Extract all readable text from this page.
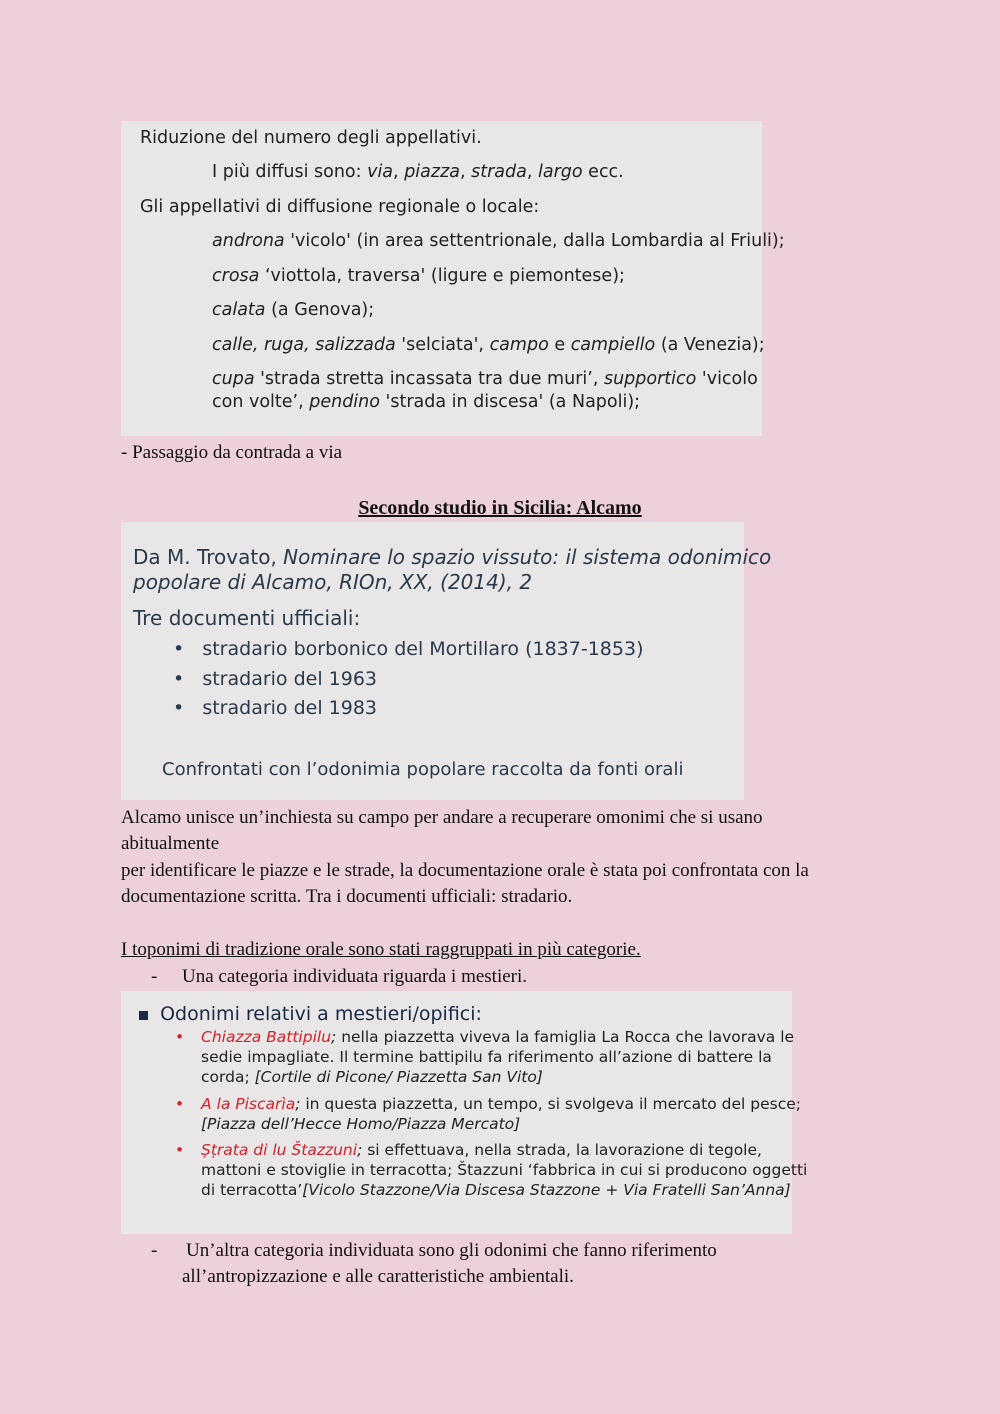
Riduzione del numero degli appellativi.
I più diffusi sono: via, piazza, strada, largo ecc.
Gli appellativi di diffusione regionale o locale:
androna 'vicolo' (in area settentrionale, dalla Lombardia al Friuli);
crosa ‘viottola, traversa' (ligure e piemontese);
calata (a Genova);
calle, ruga, salizzada 'selciata', campo e campiello (a Venezia);
cupa 'strada stretta incassata tra due muri’, supportico 'vicolo
con volte’, pendino 'strada in discesa' (a Napoli);
- Passaggio da contrada a via
Secondo studio in Sicilia: Alcamo
Da M. Trovato, Nominare lo spazio vissuto: il sistema odonimico
popolare di Alcamo, RIOn, XX, (2014), 2
Tre documenti ufficiali:
•   stradario borbonico del Mortillaro (1837-1853)
•   stradario del 1963
•   stradario del 1983
Confrontati con l’odonimia popolare raccolta da fonti orali
Alcamo unisce un’inchiesta su campo per andare a recuperare omonimi che si usano
abitualmente
per identificare le piazze e le strade, la documentazione orale è stata poi confrontata con la
documentazione scritta. Tra i documenti ufficiali: stradario.
I toponimi di tradizione orale sono stati raggruppati in più categorie.
- Una categoria individuata riguarda i mestieri.
Odonimi relativi a mestieri/opifici:
• Chiazza Battipilu; nella piazzetta viveva la famiglia La Rocca che lavorava le
sedie impagliate. Il termine battipilu fa riferimento all’azione di battere la
corda; [Cortile di Picone/ Piazzetta San Vito]
• A la Piscarìa; in questa piazzetta, un tempo, si svolgeva il mercato del pesce;
[Piazza dell’Hecce Homo/Piazza Mercato]
• Ṣṭrata di lu Štazzuni; si effettuava, nella strada, la lavorazione di tegole,
mattoni e stoviglie in terracotta; Štazzuni ‘fabbrica in cui si producono oggetti
di terracotta’[Vicolo Stazzone/Via Discesa Stazzone + Via Fratelli San’Anna]
- Un’altra categoria individuata sono gli odonimi che fanno riferimento
all’antropizzazione e alle caratteristiche ambientali.
